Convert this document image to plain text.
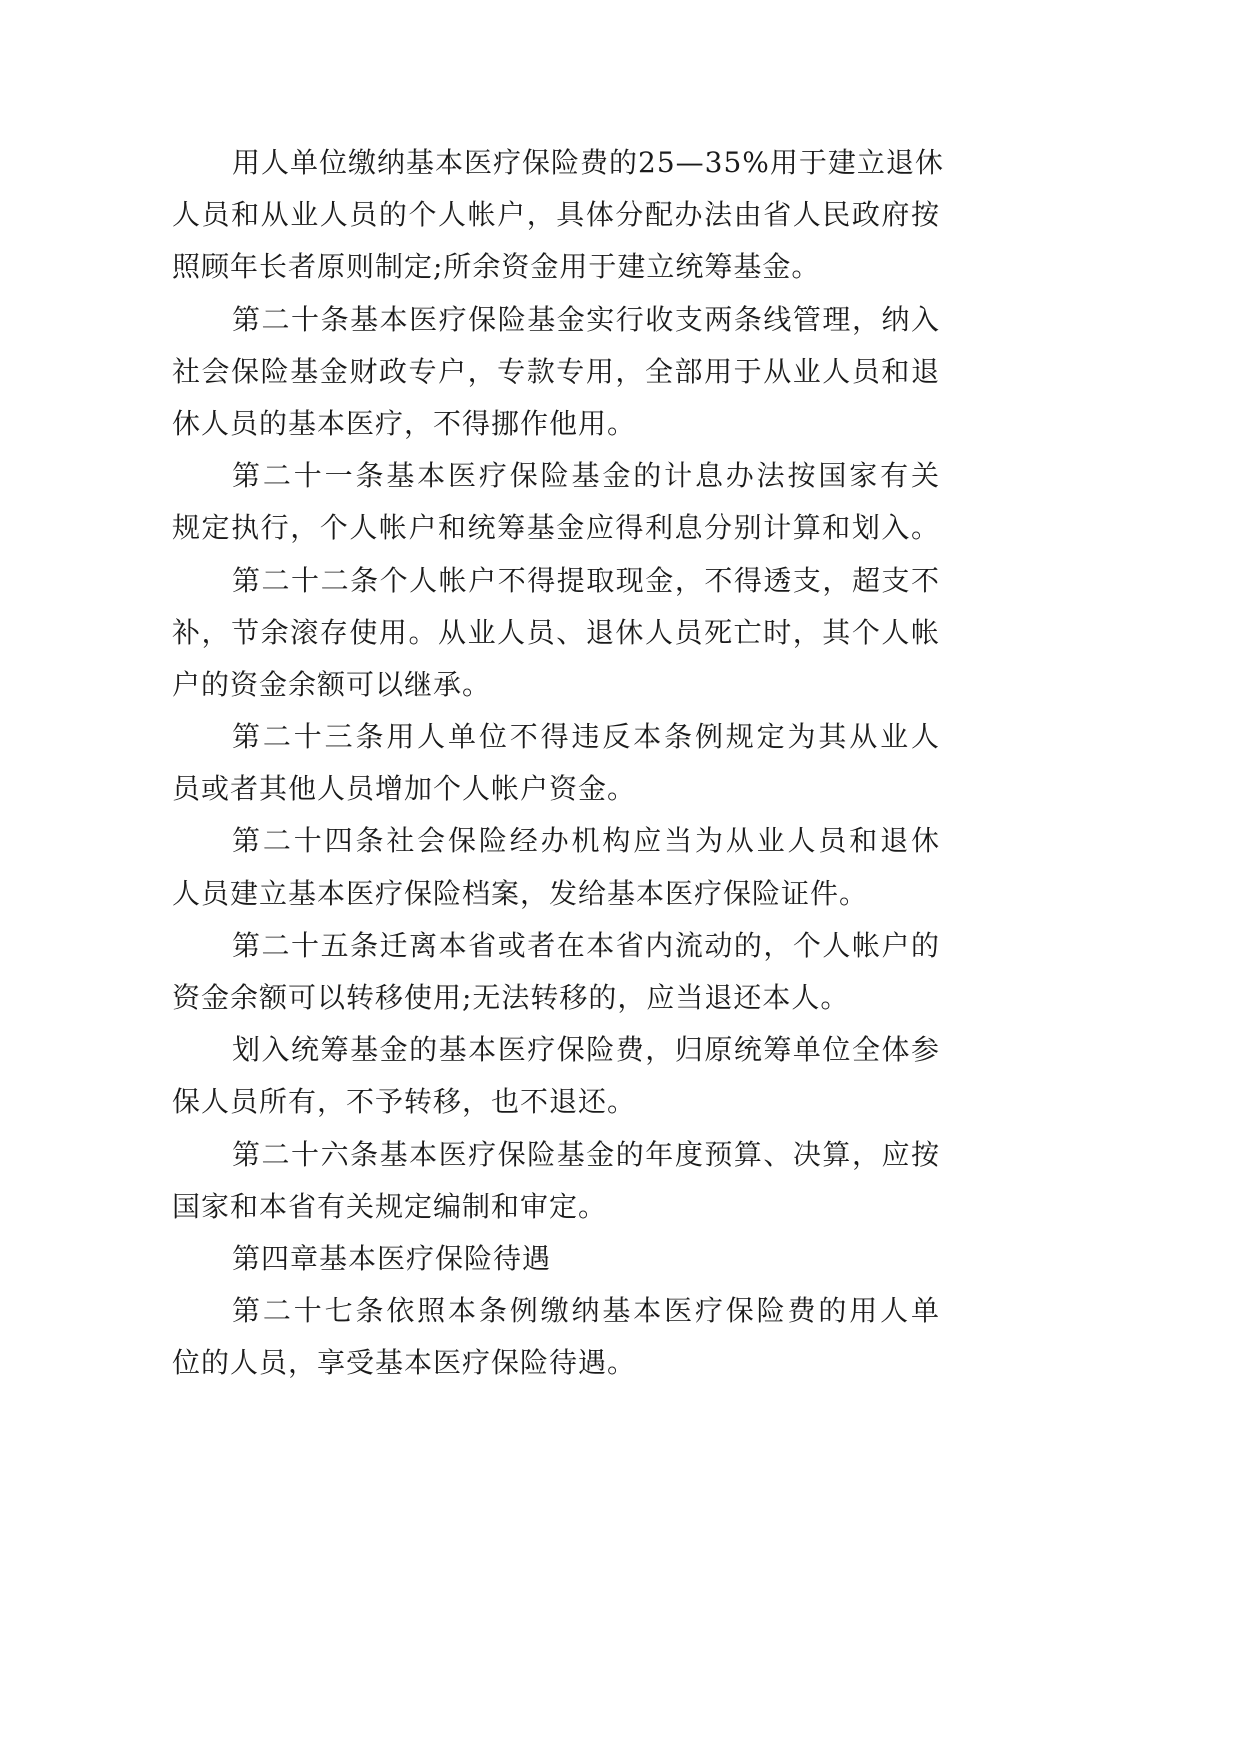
用人单位缴纳基本医疗保险费的25—35%用于建立退休
人员和从业人员的个人帐户，具体分配办法由省人民政府按
照顾年长者原则制定;所余资金用于建立统筹基金。
第二十条基本医疗保险基金实行收支两条线管理，纳入
社会保险基金财政专户，专款专用，全部用于从业人员和退
休人员的基本医疗，不得挪作他用。
第二十一条基本医疗保险基金的计息办法按国家有关
规定执行，个人帐户和统筹基金应得利息分别计算和划入。
第二十二条个人帐户不得提取现金，不得透支，超支不
补，节余滚存使用。从业人员、退休人员死亡时，其个人帐
户的资金余额可以继承。
第二十三条用人单位不得违反本条例规定为其从业人
员或者其他人员增加个人帐户资金。
第二十四条社会保险经办机构应当为从业人员和退休
人员建立基本医疗保险档案，发给基本医疗保险证件。
第二十五条迁离本省或者在本省内流动的，个人帐户的
资金余额可以转移使用;无法转移的，应当退还本人。
划入统筹基金的基本医疗保险费，归原统筹单位全体参
保人员所有，不予转移，也不退还。
第二十六条基本医疗保险基金的年度预算、决算，应按
国家和本省有关规定编制和审定。
第四章基本医疗保险待遇
第二十七条依照本条例缴纳基本医疗保险费的用人单
位的人员，享受基本医疗保险待遇。
